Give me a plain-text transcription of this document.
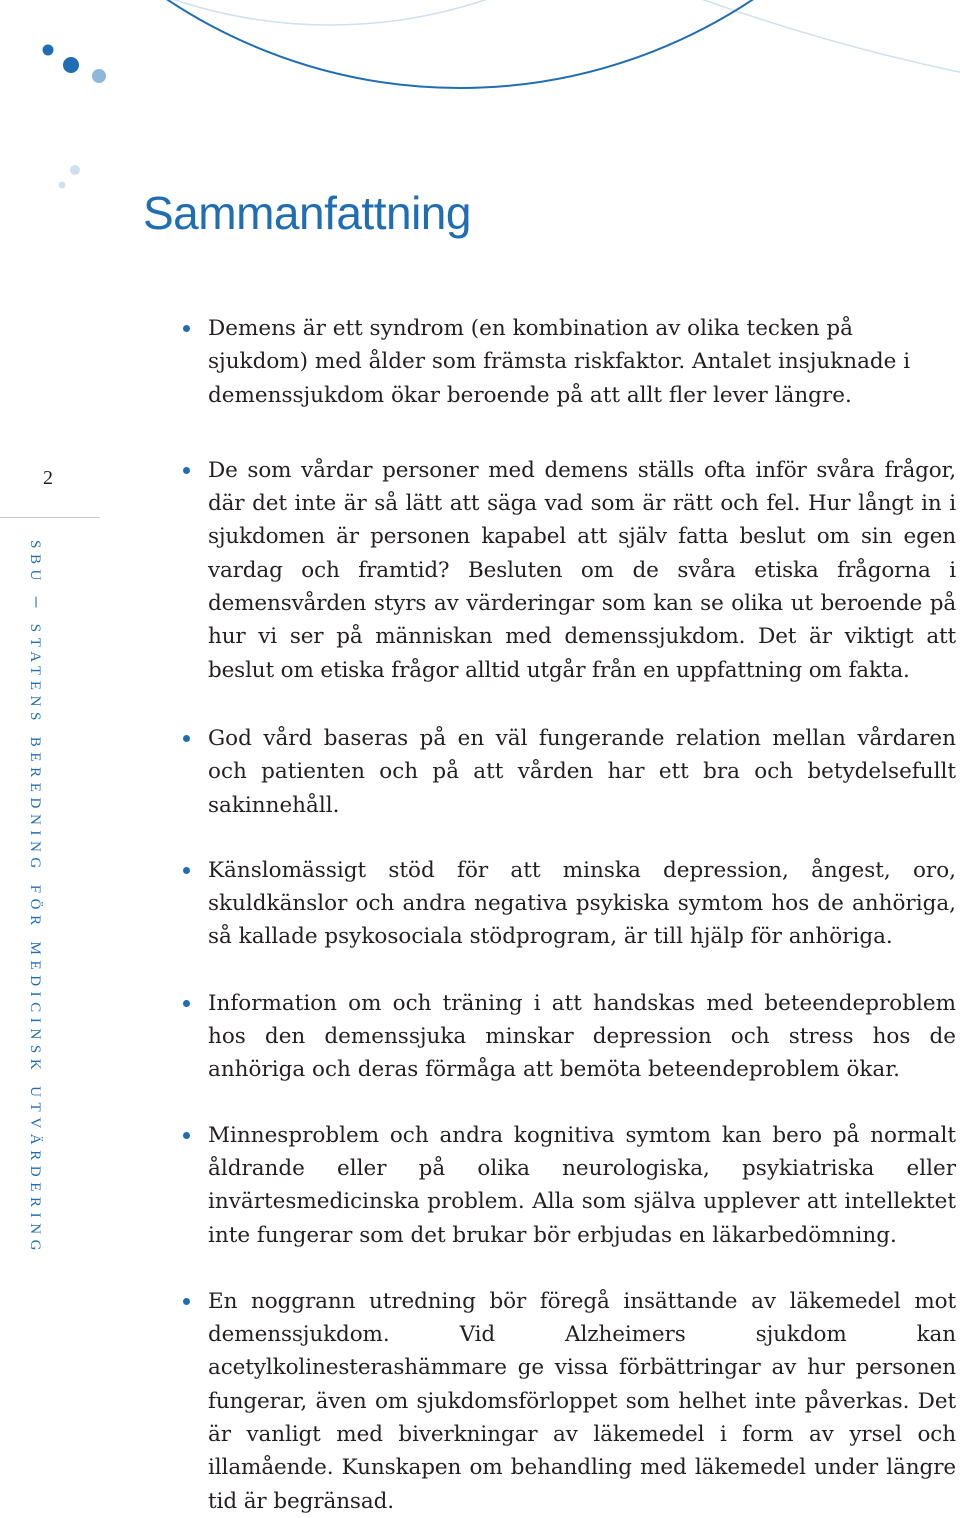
Sammanfattning
2
sbu – statens beredning för medicinsk utvärdering

Demens är ett syndrom (en kombination av olika tecken på sjukdom) med ålder som främsta riskfaktor. Antalet insjuknade i demenssjukdom ökar beroende på att allt fler lever längre.

De som vårdar personer med demens ställs ofta inför svåra frågor, där det inte är så lätt att säga vad som är rätt och fel. Hur långt in i sjukdomen är personen kapabel att själv fatta beslut om sin egen vardag och framtid? Besluten om de svåra etiska frågorna i demensvården styrs av värderingar som kan se olika ut beroende på hur vi ser på människan med demenssjukdom. Det är viktigt att beslut om etiska frågor alltid utgår från en uppfattning om fakta.

God vård baseras på en väl fungerande relation mellan vårdaren och patienten och på att vården har ett bra och betydelsefullt sakinnehåll.

Känslomässigt stöd för att minska depression, ångest, oro, skuldkänslor och andra negativa psykiska symtom hos de anhöriga, så kallade psykosociala stödprogram, är till hjälp för anhöriga.

Information om och träning i att handskas med beteendeproblem hos den demenssjuka minskar depression och stress hos de anhöriga och deras förmåga att bemöta beteendeproblem ökar.

Minnesproblem och andra kognitiva symtom kan bero på normalt åldrande eller på olika neurologiska, psykiatriska eller invärtesmedicinska problem. Alla som själva upplever att intellektet inte fungerar som det brukar bör erbjudas en läkarbedömning.

En noggrann utredning bör föregå insättande av läkemedel mot demenssjukdom. Vid Alzheimers sjukdom kan acetylkolinesterashämmare ge vissa förbättringar av hur personen fungerar, även om sjukdomsförloppet som helhet inte påverkas. Det är vanligt med biverkningar av läkemedel i form av yrsel och illamående. Kunskapen om behandling med läkemedel under längre tid är begränsad.
